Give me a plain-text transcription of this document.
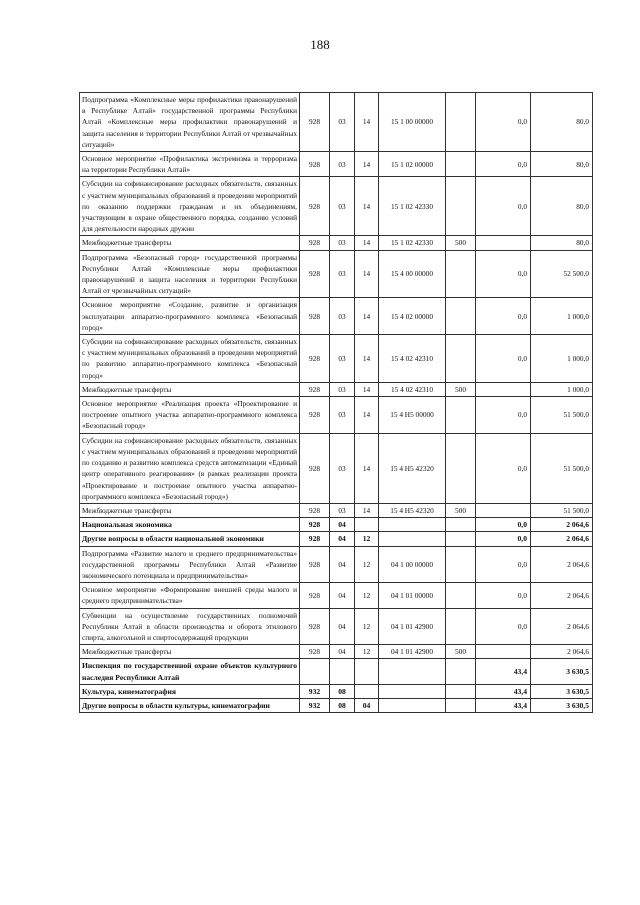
188
Подпрограмма «Комплексные меры профилактики правонарушений в Республике Алтай» государственной программы Республики Алтай «Комплексные меры профилактики правонарушений и защита населения и территории Республики Алтай от чрезвычайных ситуаций»	928	03	14	15 1 00 00000		0,0	80,0
Основное мероприятие «Профилактика экстремизма и терроризма на территории Республики Алтай»	928	03	14	15 1 02 00000		0,0	80,0
Субсидии на софинансирование расходных обязательств, связанных с участием муниципальных образований в проведении мероприятий по оказанию поддержки гражданам и их объединениям, участвующим в охране общественного порядка, созданию условий для деятельности народных дружин	928	03	14	15 1 02 42330		0,0	80,0
Межбюджетные трансферты	928	03	14	15 1 02 42330	500		80,0
Подпрограмма «Безопасный город» государственной программы Республики Алтай «Комплексные меры профилактики правонарушений и защита населения и территории Республики Алтай от чрезвычайных ситуаций»	928	03	14	15 4 00 00000		0,0	52 500,0
Основное мероприятие «Создание, развитие и организация эксплуатации аппаратно-программного комплекса «Безопасный город»	928	03	14	15 4 02 00000		0,0	1 000,0
Субсидии на софинансирование расходных обязательств, связанных с участием муниципальных образований в проведении мероприятий по развитию аппаратно-программного комплекса «Безопасный город»	928	03	14	15 4 02 42310		0,0	1 000,0
Межбюджетные трансферты	928	03	14	15 4 02 42310	500		1 000,0
Основное мероприятие «Реализация проекта «Проектирование и построение опытного участка аппаратно-программного комплекса «Безопасный город»	928	03	14	15 4 Н5 00000		0,0	51 500,0
Субсидии на софинансирование расходных обязательств, связанных с участием муниципальных образований в проведении мероприятий по созданию и развитию комплекса средств автоматизации «Единый центр оперативного реагирования» (в рамках реализации проекта «Проектирование и построение опытного участка аппаратно-программного комплекса «Безопасный город»)	928	03	14	15 4 Н5 42320		0,0	51 500,0
Межбюджетные трансферты	928	03	14	15 4 Н5 42320	500		51 500,0
Национальная экономика	928	04				0,0	2 064,6
Другие вопросы в области национальной экономики	928	04	12			0,0	2 064,6
Подпрограмма «Развитие малого и среднего предпринимательства» государственной программы Республики Алтай «Развитие экономического потенциала и предпринимательства»	928	04	12	04 1 00 00000		0,0	2 064,6
Основное мероприятие «Формирование внешней среды малого и среднего предпринимательства»	928	04	12	04 1 01 00000		0,0	2 064,6
Субвенции на осуществление государственных полномочий Республики Алтай в области производства и оборота этилового спирта, алкогольной и спиртосодержащей продукции	928	04	12	04 1 01 42900		0,0	2 064,6
Межбюджетные трансферты	928	04	12	04 1 01 42900	500		2 064,6
Инспекция по государственной охране объектов культурного наследия Республики Алтай						43,4	3 630,5
Культура, кинематография	932	08				43,4	3 630,5
Другие вопросы в области культуры, кинематографии	932	08	04			43,4	3 630,5
